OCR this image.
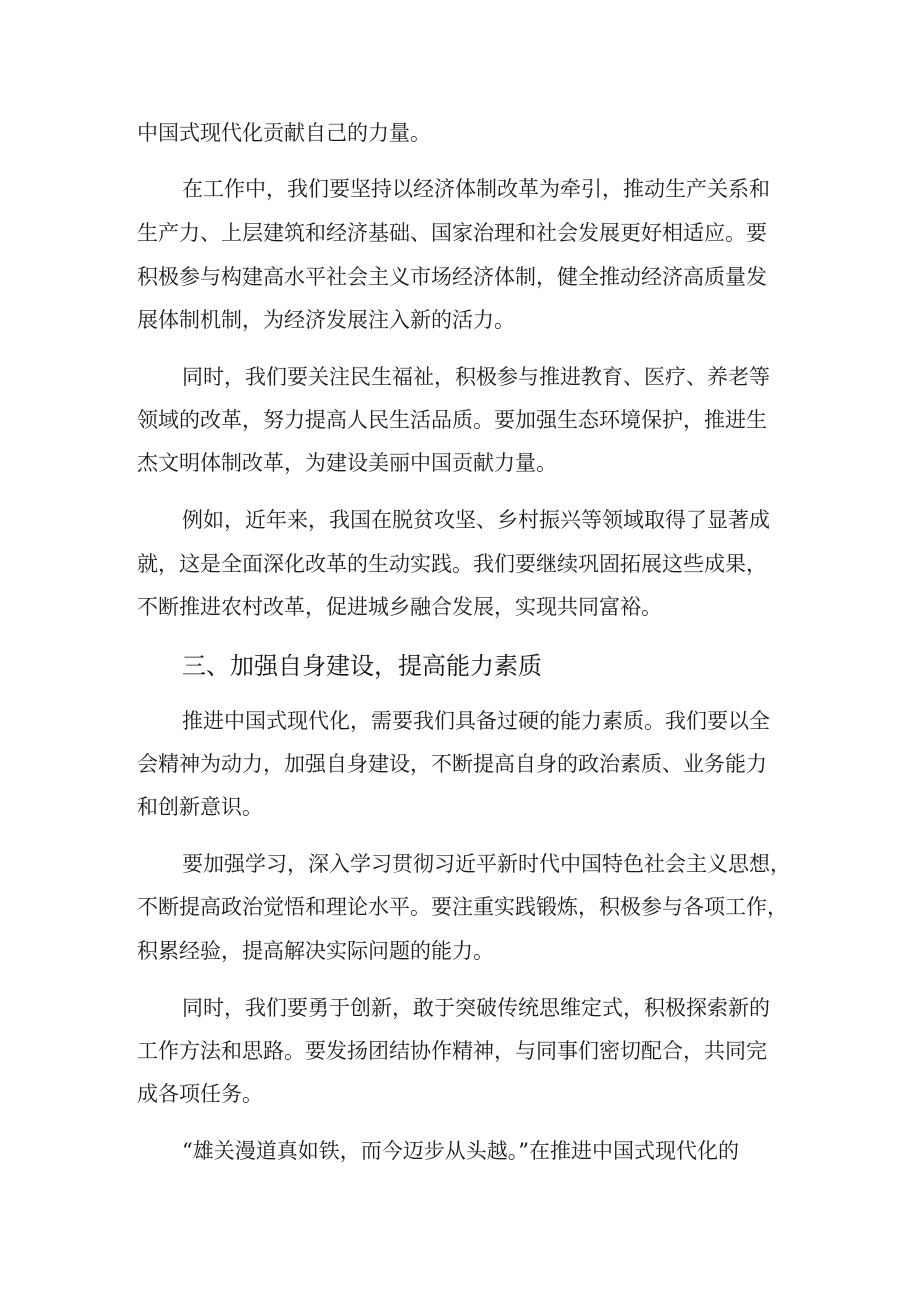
中国式现代化贡献自己的力量。
在工作中，我们要坚持以经济体制改革为牵引，推动生产关系和
生产力、上层建筑和经济基础、国家治理和社会发展更好相适应。要
积极参与构建高水平社会主义市场经济体制，健全推动经济高质量发
展体制机制，为经济发展注入新的活力。
同时，我们要关注民生福祉，积极参与推进教育、医疗、养老等
领域的改革，努力提高人民生活品质。要加强生态环境保护，推进生
杰文明体制改革，为建设美丽中国贡献力量。
例如，近年来，我国在脱贫攻坚、乡村振兴等领域取得了显著成
就，这是全面深化改革的生动实践。我们要继续巩固拓展这些成果，
不断推进农村改革，促进城乡融合发展，实现共同富裕。
三、加强自身建设，提高能力素质
推进中国式现代化，需要我们具备过硬的能力素质。我们要以全
会精神为动力，加强自身建设，不断提高自身的政治素质、业务能力
和创新意识。
要加强学习，深入学习贯彻习近平新时代中国特色社会主义思想，
不断提高政治觉悟和理论水平。要注重实践锻炼，积极参与各项工作，
积累经验，提高解决实际问题的能力。
同时，我们要勇于创新，敢于突破传统思维定式，积极探索新的
工作方法和思路。要发扬团结协作精神，与同事们密切配合，共同完
成各项任务。
“雄关漫道真如铁，而今迈步从头越。”在推进中国式现代化的
